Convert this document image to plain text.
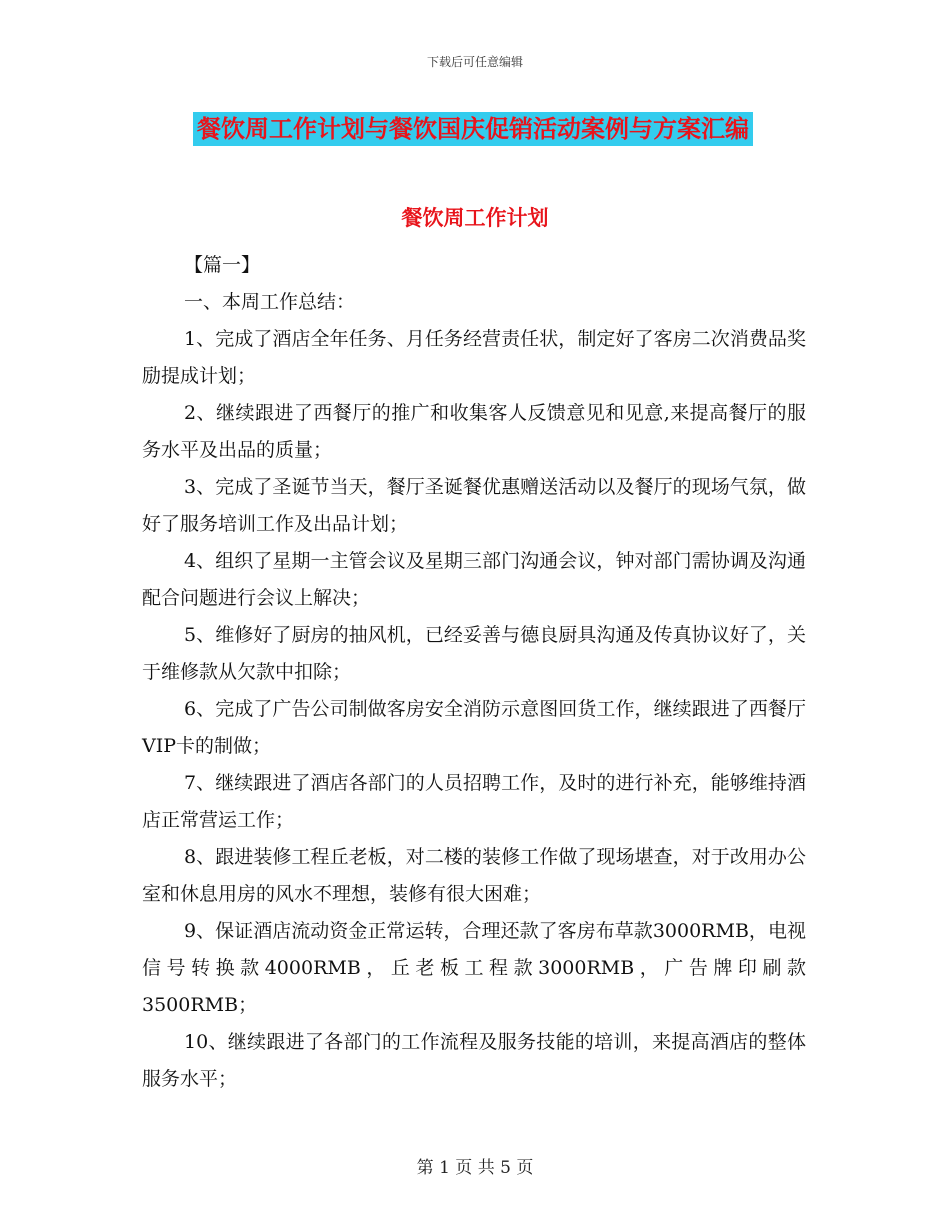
下载后可任意编辑
餐饮周工作计划与餐饮国庆促销活动案例与方案汇编
餐饮周工作计划

【篇一】

一、本周工作总结：

1、完成了酒店全年任务、月任务经营责任状，制定好了客房二次消费品奖励提成计划；

2、继续跟进了西餐厅的推广和收集客人反馈意见和见意,来提高餐厅的服务水平及出品的质量；

3、完成了圣诞节当天，餐厅圣诞餐优惠赠送活动以及餐厅的现场气氛，做好了服务培训工作及出品计划；

4、组织了星期一主管会议及星期三部门沟通会议，钟对部门需协调及沟通配合问题进行会议上解决；

5、维修好了厨房的抽风机，已经妥善与德良厨具沟通及传真协议好了，关于维修款从欠款中扣除；

6、完成了广告公司制做客房安全消防示意图回货工作，继续跟进了西餐厅VIP卡的制做；

7、继续跟进了酒店各部门的人员招聘工作，及时的进行补充，能够维持酒店正常营运工作；

8、跟进装修工程丘老板，对二楼的装修工作做了现场堪查，对于改用办公室和休息用房的风水不理想，装修有很大困难；

9、保证酒店流动资金正常运转，合理还款了客房布草款3000RMB，电视信号转换款4000RMB，丘老板工程款3000RMB，广告牌印刷款3500RMB；

10、继续跟进了各部门的工作流程及服务技能的培训，来提高酒店的整体服务水平；

第 1 页 共 5 页
